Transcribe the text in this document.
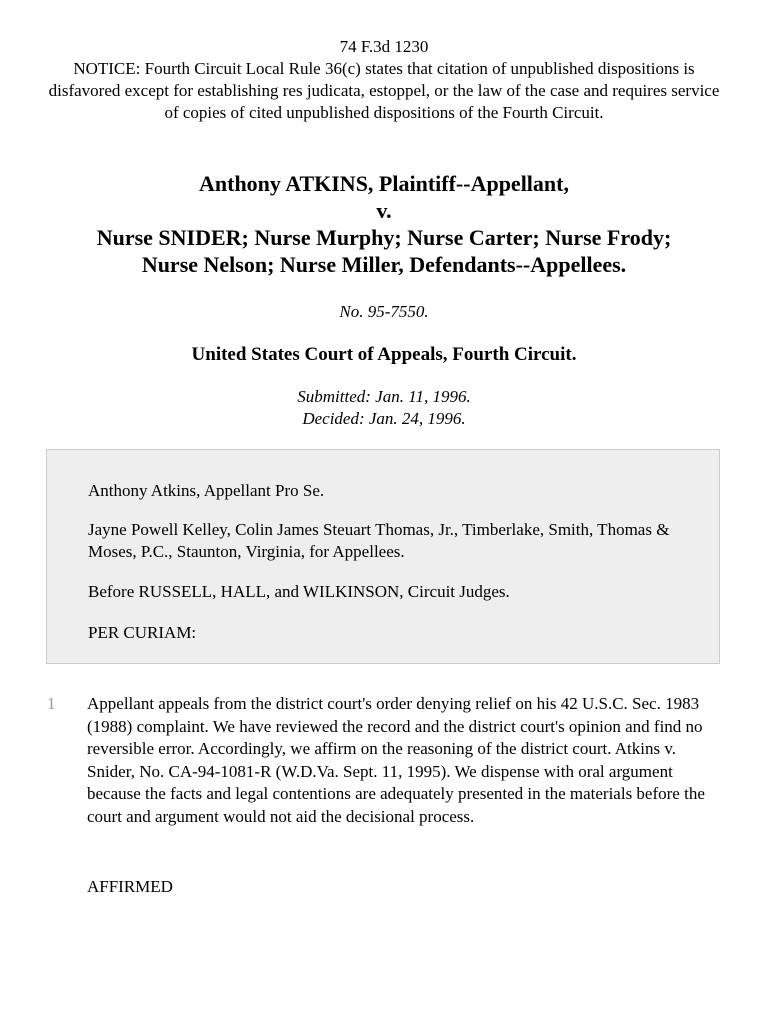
74 F.3d 1230
NOTICE: Fourth Circuit Local Rule 36(c) states that citation of unpublished dispositions is disfavored except for establishing res judicata, estoppel, or the law of the case and requires service of copies of cited unpublished dispositions of the Fourth Circuit.
Anthony ATKINS, Plaintiff--Appellant,
v.
Nurse SNIDER; Nurse Murphy; Nurse Carter; Nurse Frody;
Nurse Nelson; Nurse Miller, Defendants--Appellees.
No. 95-7550.
United States Court of Appeals, Fourth Circuit.
Submitted: Jan. 11, 1996.
Decided: Jan. 24, 1996.

Anthony Atkins, Appellant Pro Se.

Jayne Powell Kelley, Colin James Steuart Thomas, Jr., Timberlake, Smith, Thomas & Moses, P.C., Staunton, Virginia, for Appellees.

Before RUSSELL, HALL, and WILKINSON, Circuit Judges.

PER CURIAM:

1 Appellant appeals from the district court's order denying relief on his 42 U.S.C. Sec. 1983 (1988) complaint. We have reviewed the record and the district court's opinion and find no reversible error. Accordingly, we affirm on the reasoning of the district court. Atkins v. Snider, No. CA-94-1081-R (W.D.Va. Sept. 11, 1995). We dispense with oral argument because the facts and legal contentions are adequately presented in the materials before the court and argument would not aid the decisional process.

AFFIRMED
